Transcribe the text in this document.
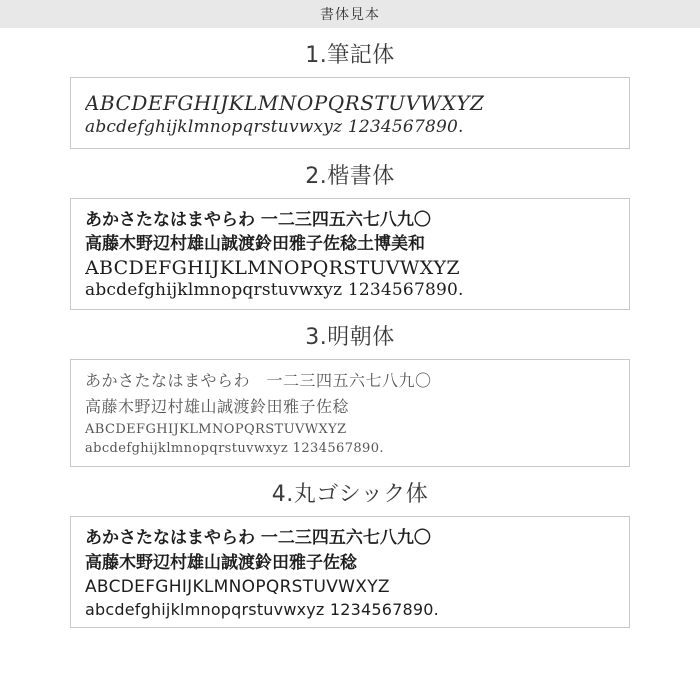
書体見本
1.筆記体
ABCDEFGHIJKLMNOPQRSTUVWXYZ
abcdefghijklmnopqrstuvwxyz 1234567890.
2.楷書体
あかさたなはまやらわ 一二三四五六七八九〇
高藤木野辺村雄山誠渡鈴田雅子佐稔土博美和
ABCDEFGHIJKLMNOPQRSTUVWXYZ
abcdefghijklmnopqrstuvwxyz 1234567890.
3.明朝体
あかさたなはまやらわ　一二三四五六七八九〇
高藤木野辺村雄山誠渡鈴田雅子佐稔
ABCDEFGHIJKLMNOPQRSTUVWXYZ
abcdefghijklmnopqrstuvwxyz 1234567890.
4.丸ゴシック体
あかさたなはまやらわ 一二三四五六七八九〇
高藤木野辺村雄山誠渡鈴田雅子佐稔
ABCDEFGHIJKLMNOPQRSTUVWXYZ
abcdefghijklmnopqrstuvwxyz 1234567890.
